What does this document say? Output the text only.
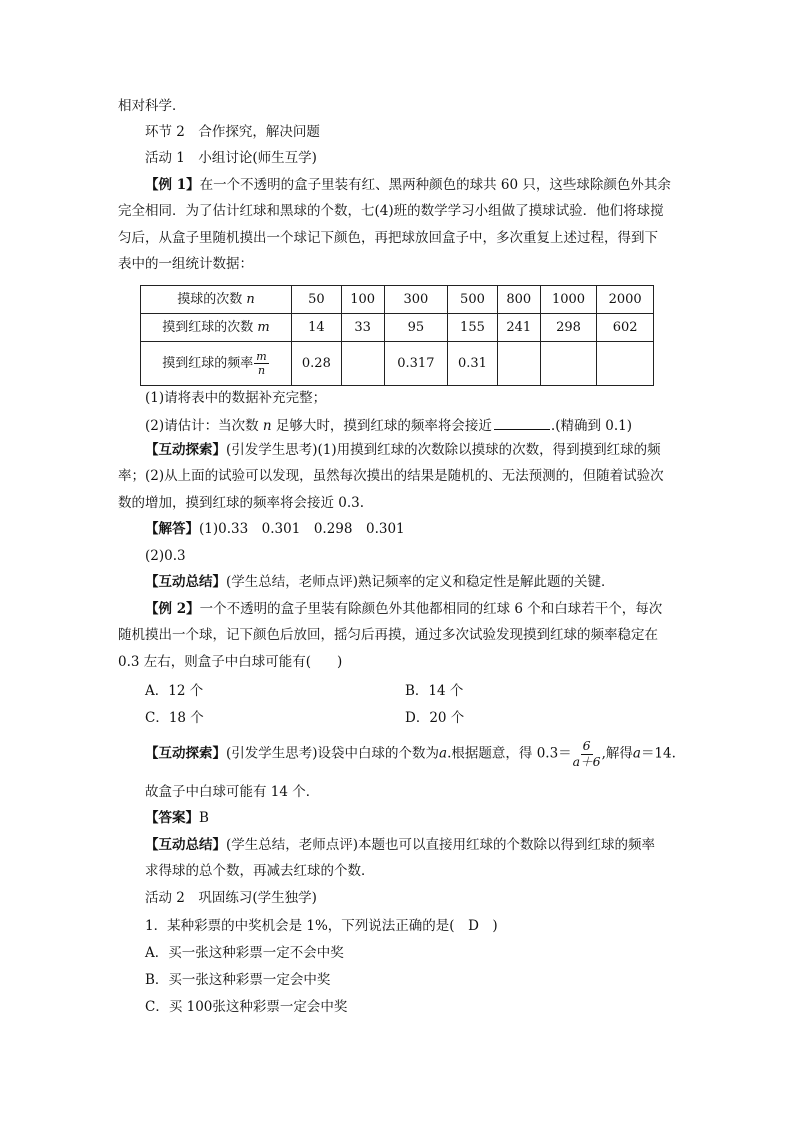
相对科学．
环节 2　合作探究，解决问题
活动 1　小组讨论(师生互学)
【例 1】在一个不透明的盒子里装有红、黑两种颜色的球共 60 只，这些球除颜色外其余
完全相同．为了估计红球和黑球的个数，七(4)班的数学学习小组做了摸球试验．他们将球搅
匀后，从盒子里随机摸出一个球记下颜色，再把球放回盒子中，多次重复上述过程，得到下
表中的一组统计数据：
摸球的次数 n	50	100	300	500	800	1000	2000
摸到红球的次数 m	14	33	95	155	241	298	602
摸到红球的频率 $\frac{m}{n}$	0.28		0.317	0.31			
(1)请将表中的数据补充完整；
(2)请估计：当次数 n 足够大时，摸到红球的频率将会接近	.(精确到 0.1)
【互动探索】(引发学生思考)(1)用摸到红球的次数除以摸球的次数，得到摸到红球的频
率；(2)从上面的试验可以发现，虽然每次摸出的结果是随机的、无法预测的，但随着试验次
数的增加，摸到红球的频率将会接近 0.3.
【解答】(1)0.33　0.301　0.298　0.301
(2)0.3
【互动总结】(学生总结，老师点评)熟记频率的定义和稳定性是解此题的关键．
【例 2】一个不透明的盒子里装有除颜色外其他都相同的红球 6 个和白球若干个，每次
随机摸出一个球，记下颜色后放回，摇匀后再摸，通过多次试验发现摸到红球的频率稳定在
0.3 左右，则盒子中白球可能有( )
A．12 个	B．14 个
C．18 个	D．20 个
【互动探索】(引发学生思考)设袋中白球的个数为a.根据题意，得 $0.3= \frac{6}{a+6}$ ,解得a＝14.
故盒子中白球可能有 14 个．
【答案】B
【互动总结】(学生总结，老师点评)本题也可以直接用红球的个数除以得到红球的频率
求得球的总个数，再减去红球的个数．
活动 2　巩固练习(学生独学)
1．某种彩票的中奖机会是 1%，下列说法正确的是(　D　)
A．买一张这种彩票一定不会中奖
B．买一张这种彩票一定会中奖
C．买 100张这种彩票一定会中奖
